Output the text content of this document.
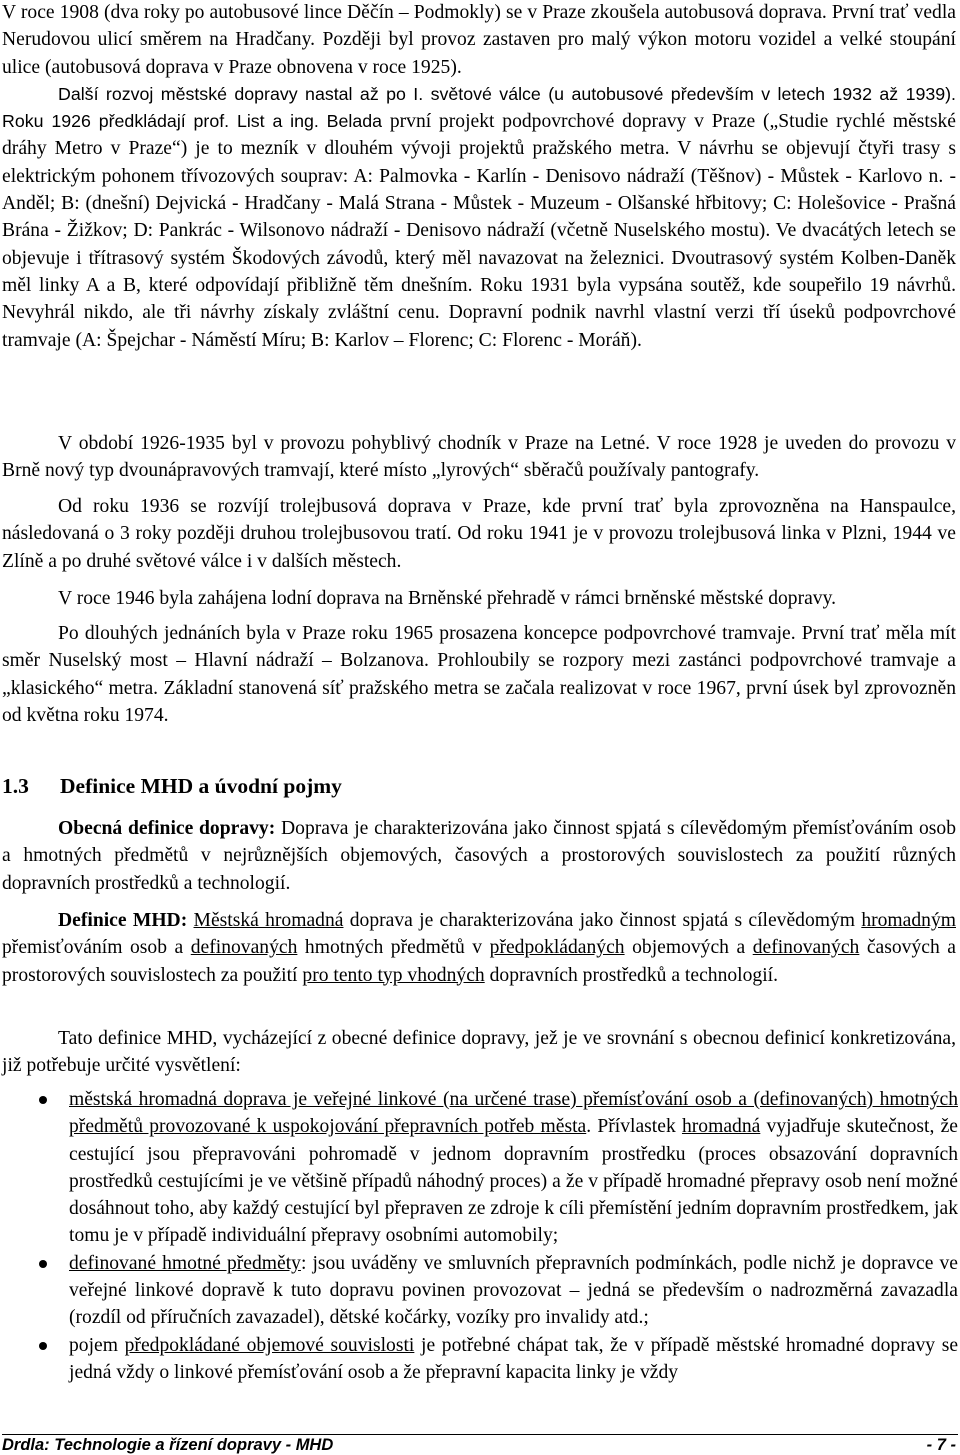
V roce 1908 (dva roky po autobusové lince Děčín – Podmokly) se v Praze zkoušela autobusová doprava. První trať vedla Nerudovou ulicí směrem na Hradčany. Později byl provoz zastaven pro malý výkon motoru vozidel a velké stoupání ulice (autobusová doprava v Praze obnovena v roce 1925).
Další rozvoj městské dopravy nastal až po I. světové válce (u autobusové především v letech 1932 až 1939). Roku 1926 předkládají prof. List a ing. Belada první projekt podpovrchové dopravy v Praze („Studie rychlé městské dráhy Metro v Praze“) je to mezník v dlouhém vývoji projektů pražského metra. V návrhu se objevují čtyři trasy s elektrickým pohonem třívozových souprav: A: Palmovka - Karlín - Denisovo nádraží (Těšnov) - Můstek - Karlovo n. - Anděl; B: (dnešní) Dejvická - Hradčany - Malá Strana - Můstek - Muzeum - Olšanské hřbitovy; C: Holešovice - Prašná Brána - Žižkov; D: Pankrác - Wilsonovo nádraží - Denisovo nádraží (včetně Nuselského mostu). Ve dvacátých letech se objevuje i třítrasový systém Škodových závodů, který měl navazovat na železnici. Dvoutrasový systém Kolben-Daněk měl linky A a B, které odpovídají přibližně těm dnešním. Roku 1931 byla vypsána soutěž, kde soupeřilo 19 návrhů. Nevyhrál nikdo, ale tři návrhy získaly zvláštní cenu. Dopravní podnik navrhl vlastní verzi tří úseků podpovrchové tramvaje (A: Špejchar - Náměstí Míru; B: Karlov – Florenc; C: Florenc - Moráň).

V období 1926-1935 byl v provozu pohyblivý chodník v Praze na Letné. V roce 1928 je uveden do provozu v Brně nový typ dvounápravových tramvají, které místo „lyrových“ sběračů používaly pantografy.

Od roku 1936 se rozvíjí trolejbusová doprava v Praze, kde první trať byla zprovozněna na Hanspaulce, následovaná o 3 roky později druhou trolejbusovou tratí. Od roku 1941 je v provozu trolejbusová linka v Plzni, 1944 ve Zlíně a po druhé světové válce i v dalších městech.

V roce 1946 byla zahájena lodní doprava na Brněnské přehradě v rámci brněnské městské dopravy.

Po dlouhých jednáních byla v Praze roku 1965 prosazena koncepce podpovrchové tramvaje. První trať měla mít směr Nuselský most – Hlavní nádraží – Bolzanova. Prohloubily se rozpory mezi zastánci podpovrchové tramvaje a „klasického“ metra. Základní stanovená síť pražského metra se začala realizovat v roce 1967, první úsek byl zprovozněn od května roku 1974.

1.3 Definice MHD a úvodní pojmy

Obecná definice dopravy: Doprava je charakterizována jako činnost spjatá s cílevědomým přemísťováním osob a hmotných předmětů v nejrůznějších objemových, časových a prostorových souvislostech za použití různých dopravních prostředků a technologií.

Definice MHD: Městská hromadná doprava je charakterizována jako činnost spjatá s cílevědomým hromadným přemisťováním osob a definovaných hmotných předmětů v předpokládaných objemových a definovaných časových a prostorových souvislostech za použití pro tento typ vhodných dopravních prostředků a technologií.

Tato definice MHD, vycházející z obecné definice dopravy, jež je ve srovnání s obecnou definicí konkretizována, již potřebuje určité vysvětlení:

městská hromadná doprava je veřejné linkové (na určené trase) přemísťování osob a (definovaných) hmotných předmětů provozované k uspokojování přepravních potřeb města. Přívlastek hromadná vyjadřuje skutečnost, že cestující jsou přepravováni pohromadě v jednom dopravním prostředku (proces obsazování dopravních prostředků cestujícími je ve většině případů náhodný proces) a že v případě hromadné přepravy osob není možné dosáhnout toho, aby každý cestující byl přepraven ze zdroje k cíli přemístění jedním dopravním prostředkem, jak tomu je v případě individuální přepravy osobními automobily;
definované hmotné předměty: jsou uváděny ve smluvních přepravních podmínkách, podle nichž je dopravce ve veřejné linkové dopravě k tuto dopravu povinen provozovat – jedná se především o nadrozměrná zavazadla (rozdíl od příručních zavazadel), dětské kočárky, vozíky pro invalidy atd.;
pojem předpokládané objemové souvislosti je potřebné chápat tak, že v případě městské hromadné dopravy se jedná vždy o linkové přemísťování osob a že přepravní kapacita linky je vždy
Drdla: Technologie a řízení dopravy - MHD	- 7 -
